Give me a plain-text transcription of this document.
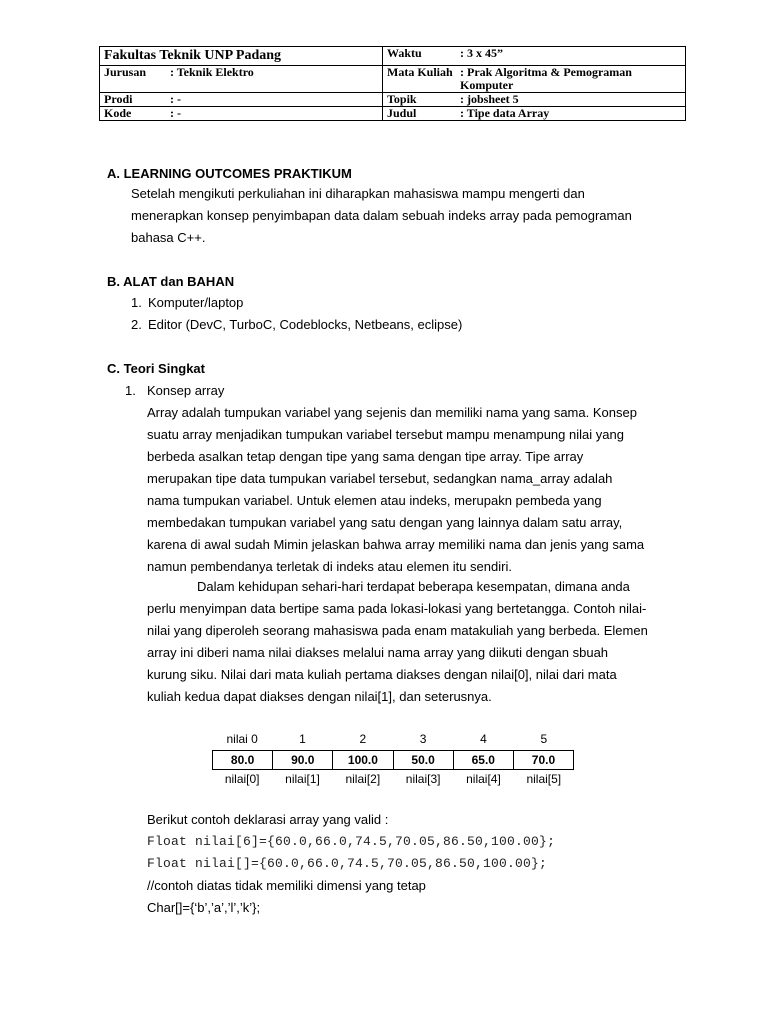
Fakultas Teknik UNP Padang	Waktu : 3 x 45”
Jurusan : Teknik Elektro	Mata Kuliah : Prak Algoritma & Pemograman Komputer

Prodi : -	Topik : jobsheet 5
Kode : -	Judul : Tipe data Array
A. LEARNING OUTCOMES PRAKTIKUM
Setelah mengikuti perkuliahan ini diharapkan mahasiswa mampu mengerti dan
menerapkan konsep penyimbapan data dalam sebuah indeks array pada pemograman
bahasa C++.
B. ALAT dan BAHAN
1. Komputer/laptop
2. Editor (DevC, TurboC, Codeblocks, Netbeans, eclipse)
C. Teori Singkat
1. Konsep array
Array adalah tumpukan variabel yang sejenis dan memiliki nama yang sama. Konsep
suatu array menjadikan tumpukan variabel tersebut mampu menampung nilai yang
berbeda asalkan tetap dengan tipe yang sama dengan tipe array. Tipe array
merupakan tipe data tumpukan variabel tersebut, sedangkan nama_array adalah
nama tumpukan variabel. Untuk elemen atau indeks, merupakn pembeda yang
membedakan tumpukan variabel yang satu dengan yang lainnya dalam satu array,
karena di awal sudah Mimin jelaskan bahwa array memiliki nama dan jenis yang sama
namun pembendanya terletak di indeks atau elemen itu sendiri.
Dalam kehidupan sehari-hari terdapat beberapa kesempatan, dimana anda
perlu menyimpan data bertipe sama pada lokasi-lokasi yang bertetangga. Contoh nilai-
nilai yang diperoleh seorang mahasiswa pada enam matakuliah yang berbeda. Elemen
array ini diberi nama nilai diakses melalui nama array yang diikuti dengan sbuah
kurung siku. Nilai dari mata kuliah pertama diakses dengan nilai[0], nilai dari mata
kuliah kedua dapat diakses dengan nilai[1], dan seterusnya.
nilai 0	1	2	3	4	5
80.0	90.0	100.0	50.0	65.0	70.0
nilai[0]	nilai[1]	nilai[2]	nilai[3]	nilai[4]	nilai[5]
Berikut contoh deklarasi array yang valid :
Float nilai[6]={60.0,66.0,74.5,70.05,86.50,100.00};
Float nilai[]={60.0,66.0,74.5,70.05,86.50,100.00};
//contoh diatas tidak memiliki dimensi yang tetap
Char[]={‘b’,’a’,’l’,’k’};
